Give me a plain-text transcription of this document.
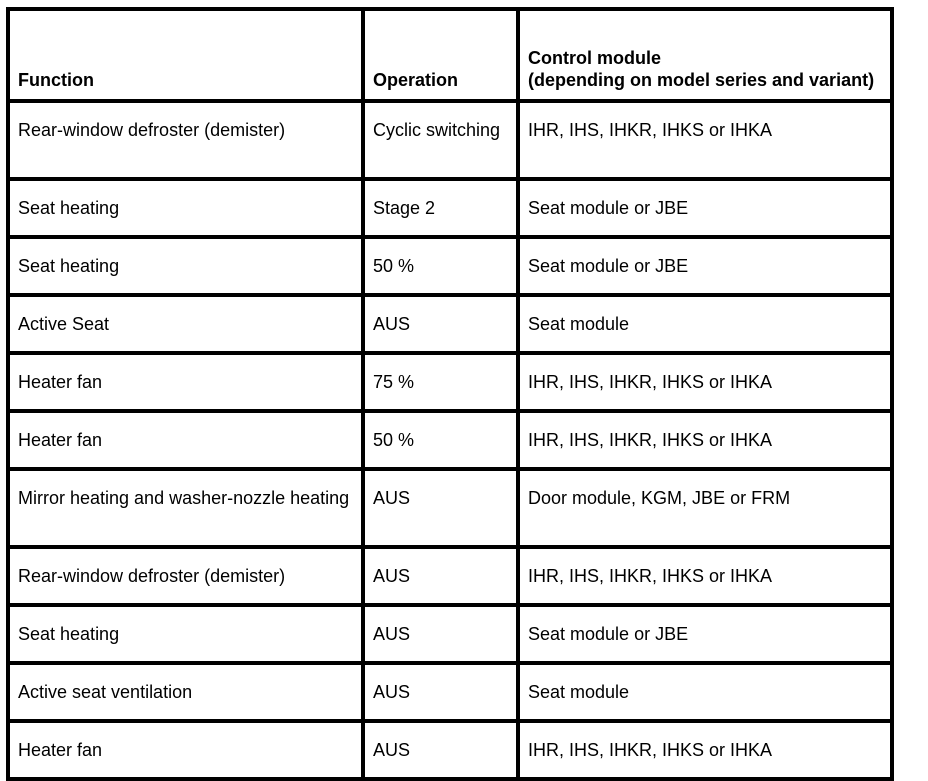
Function	Operation	Control module
(depending on model series and variant)

Rear-window defroster (demister)	Cyclic switching	IHR, IHS, IHKR, IHKS or IHKA
Seat heating	Stage 2	Seat module or JBE
Seat heating	50 %	Seat module or JBE
Active Seat	AUS	Seat module
Heater fan	75 %	IHR, IHS, IHKR, IHKS or IHKA
Heater fan	50 %	IHR, IHS, IHKR, IHKS or IHKA
Mirror heating and washer-nozzle heating	AUS	Door module, KGM, JBE or FRM
Rear-window defroster (demister)	AUS	IHR, IHS, IHKR, IHKS or IHKA
Seat heating	AUS	Seat module or JBE
Active seat ventilation	AUS	Seat module
Heater fan	AUS	IHR, IHS, IHKR, IHKS or IHKA
